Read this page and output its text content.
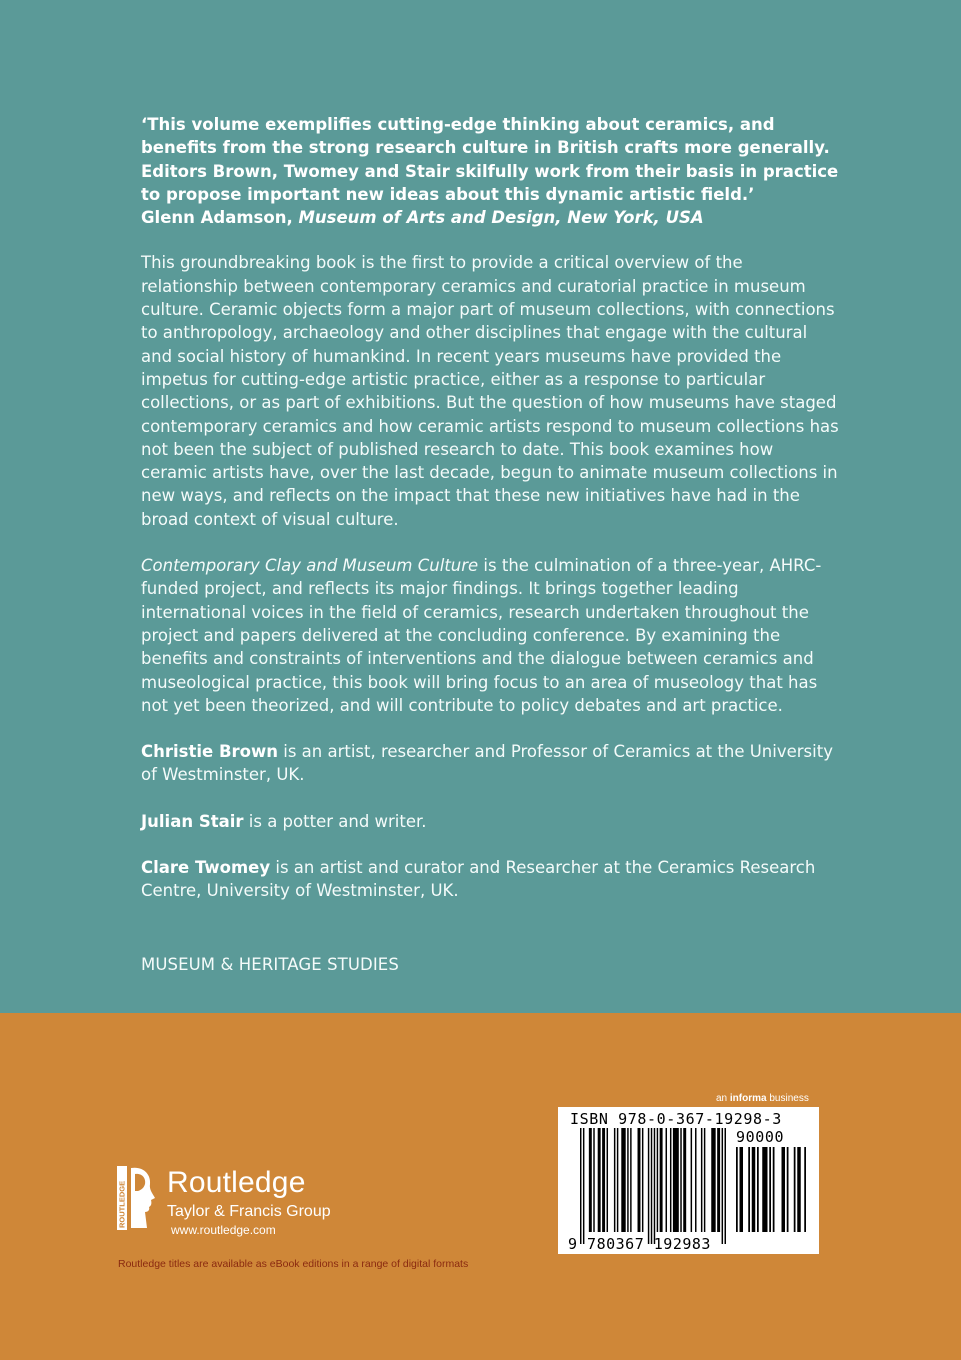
‘This volume exemplifies cutting-edge thinking about ceramics, and benefits from the strong research culture in British crafts more generally. Editors Brown, Twomey and Stair skilfully work from their basis in practice to propose important new ideas about this dynamic artistic field.’
Glenn Adamson, Museum of Arts and Design, New York, USA

This groundbreaking book is the first to provide a critical overview of the relationship between contemporary ceramics and curatorial practice in museum culture. Ceramic objects form a major part of museum collections, with connections to anthropology, archaeology and other disciplines that engage with the cultural and social history of humankind. In recent years museums have provided the impetus for cutting-edge artistic practice, either as a response to particular collections, or as part of exhibitions. But the question of how museums have staged contemporary ceramics and how ceramic artists respond to museum collections has not been the subject of published research to date. This book examines how ceramic artists have, over the last decade, begun to animate museum collections in new ways, and reflects on the impact that these new initiatives have had in the broad context of visual culture.

Contemporary Clay and Museum Culture is the culmination of a three-year, AHRC-funded project, and reflects its major findings. It brings together leading international voices in the field of ceramics, research undertaken throughout the project and papers delivered at the concluding conference. By examining the benefits and constraints of interventions and the dialogue between ceramics and museological practice, this book will bring focus to an area of museology that has not yet been theorized, and will contribute to policy debates and art practice.

Christie Brown is an artist, researcher and Professor of Ceramics at the University of Westminster, UK.

Julian Stair is a potter and writer.

Clare Twomey is an artist and curator and Researcher at the Ceramics Research Centre, University of Westminster, UK.

MUSEUM & HERITAGE STUDIES
ROUTLEDGE Routledge
Taylor & Francis Group
www.routledge.com
Routledge titles are available as eBook editions in a range of digital formats
an informa business
ISBN 978-0-367-19298-3
90000
9 780367 192983
